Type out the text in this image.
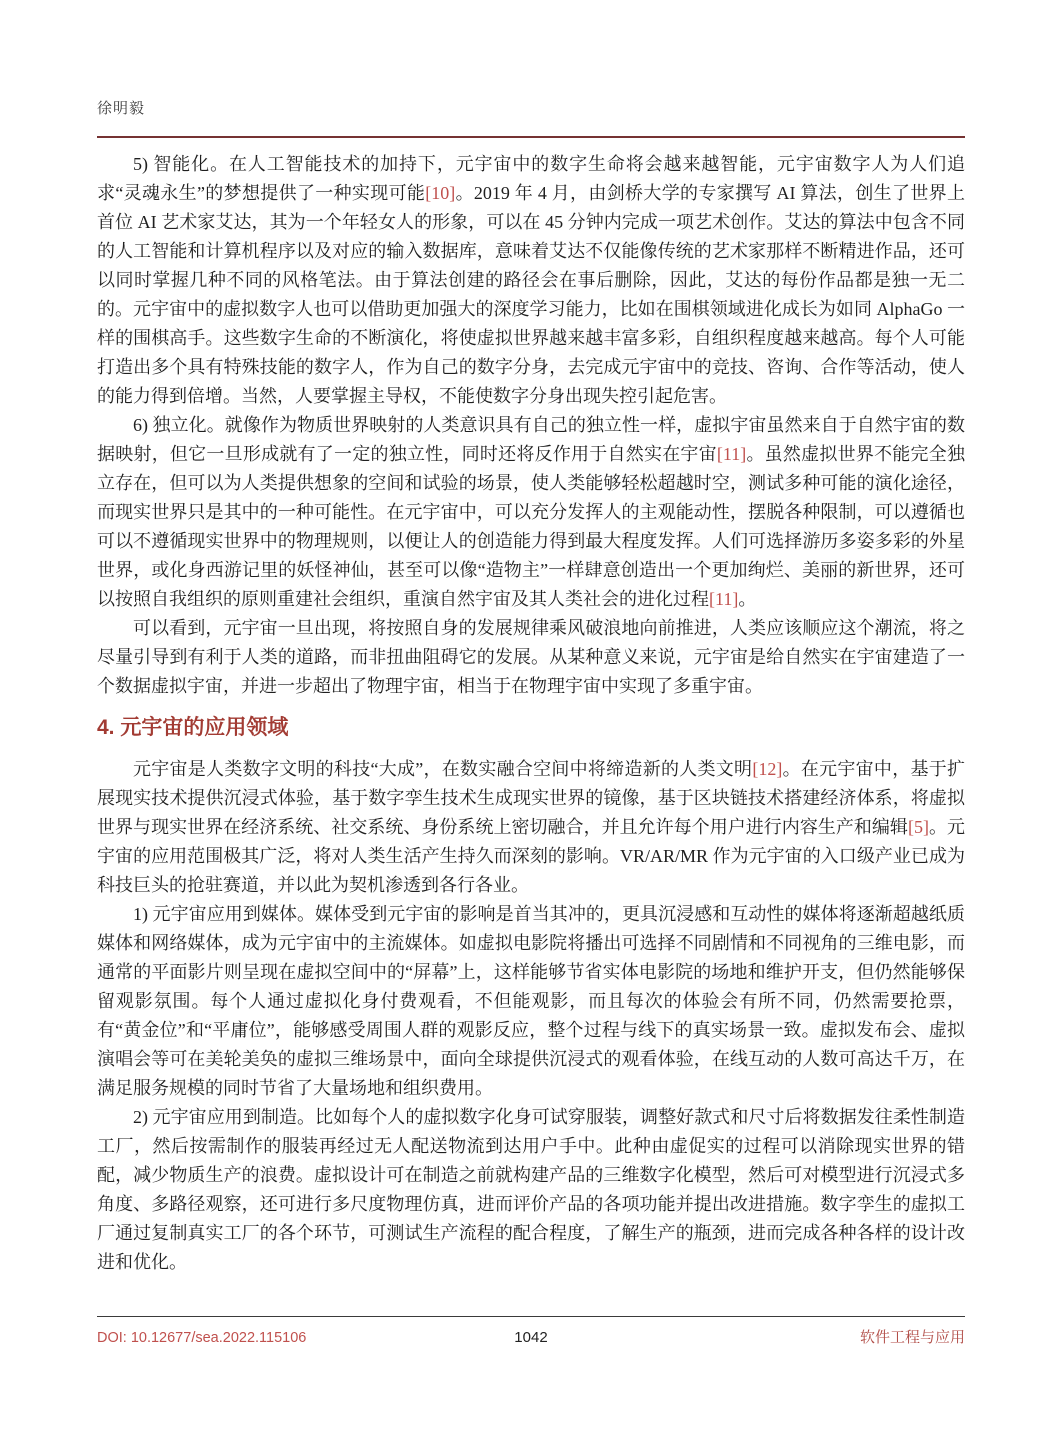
徐明毅

5) 智能化。在人工智能技术的加持下，元宇宙中的数字生命将会越来越智能，元宇宙数字人为人们追求“灵魂永生”的梦想提供了一种实现可能[10]。2019 年 4 月，由剑桥大学的专家撰写 AI 算法，创生了世界上首位 AI 艺术家艾达，其为一个年轻女人的形象，可以在 45 分钟内完成一项艺术创作。艾达的算法中包含不同的人工智能和计算机程序以及对应的输入数据库，意味着艾达不仅能像传统的艺术家那样不断精进作品，还可以同时掌握几种不同的风格笔法。由于算法创建的路径会在事后删除，因此，艾达的每份作品都是独一无二的。元宇宙中的虚拟数字人也可以借助更加强大的深度学习能力，比如在围棋领域进化成长为如同 AlphaGo 一样的围棋高手。这些数字生命的不断演化，将使虚拟世界越来越丰富多彩，自组织程度越来越高。每个人可能打造出多个具有特殊技能的数字人，作为自己的数字分身，去完成元宇宙中的竞技、咨询、合作等活动，使人的能力得到倍增。当然，人要掌握主导权，不能使数字分身出现失控引起危害。

6) 独立化。就像作为物质世界映射的人类意识具有自己的独立性一样，虚拟宇宙虽然来自于自然宇宙的数据映射，但它一旦形成就有了一定的独立性，同时还将反作用于自然实在宇宙[11]。虽然虚拟世界不能完全独立存在，但可以为人类提供想象的空间和试验的场景，使人类能够轻松超越时空，测试多种可能的演化途径，而现实世界只是其中的一种可能性。在元宇宙中，可以充分发挥人的主观能动性，摆脱各种限制，可以遵循也可以不遵循现实世界中的物理规则，以便让人的创造能力得到最大程度发挥。人们可选择游历多姿多彩的外星世界，或化身西游记里的妖怪神仙，甚至可以像“造物主”一样肆意创造出一个更加绚烂、美丽的新世界，还可以按照自我组织的原则重建社会组织，重演自然宇宙及其人类社会的进化过程[11]。

可以看到，元宇宙一旦出现，将按照自身的发展规律乘风破浪地向前推进，人类应该顺应这个潮流，将之尽量引导到有利于人类的道路，而非扭曲阻碍它的发展。从某种意义来说，元宇宙是给自然实在宇宙建造了一个数据虚拟宇宙，并进一步超出了物理宇宙，相当于在物理宇宙中实现了多重宇宙。

4. 元宇宙的应用领域

元宇宙是人类数字文明的科技“大成”，在数实融合空间中将缔造新的人类文明[12]。在元宇宙中，基于扩展现实技术提供沉浸式体验，基于数字孪生技术生成现实世界的镜像，基于区块链技术搭建经济体系，将虚拟世界与现实世界在经济系统、社交系统、身份系统上密切融合，并且允许每个用户进行内容生产和编辑[5]。元宇宙的应用范围极其广泛，将对人类生活产生持久而深刻的影响。VR/AR/MR 作为元宇宙的入口级产业已成为科技巨头的抢驻赛道，并以此为契机渗透到各行各业。

1) 元宇宙应用到媒体。媒体受到元宇宙的影响是首当其冲的，更具沉浸感和互动性的媒体将逐渐超越纸质媒体和网络媒体，成为元宇宙中的主流媒体。如虚拟电影院将播出可选择不同剧情和不同视角的三维电影，而通常的平面影片则呈现在虚拟空间中的“屏幕”上，这样能够节省实体电影院的场地和维护开支，但仍然能够保留观影氛围。每个人通过虚拟化身付费观看，不但能观影，而且每次的体验会有所不同，仍然需要抢票，有“黄金位”和“平庸位”，能够感受周围人群的观影反应，整个过程与线下的真实场景一致。虚拟发布会、虚拟演唱会等可在美轮美奂的虚拟三维场景中，面向全球提供沉浸式的观看体验，在线互动的人数可高达千万，在满足服务规模的同时节省了大量场地和组织费用。

2) 元宇宙应用到制造。比如每个人的虚拟数字化身可试穿服装，调整好款式和尺寸后将数据发往柔性制造工厂，然后按需制作的服装再经过无人配送物流到达用户手中。此种由虚促实的过程可以消除现实世界的错配，减少物质生产的浪费。虚拟设计可在制造之前就构建产品的三维数字化模型，然后可对模型进行沉浸式多角度、多路径观察，还可进行多尺度物理仿真，进而评价产品的各项功能并提出改进措施。数字孪生的虚拟工厂通过复制真实工厂的各个环节，可测试生产流程的配合程度，了解生产的瓶颈，进而完成各种各样的设计改进和优化。

DOI: 10.12677/sea.2022.115106	1042	软件工程与应用
